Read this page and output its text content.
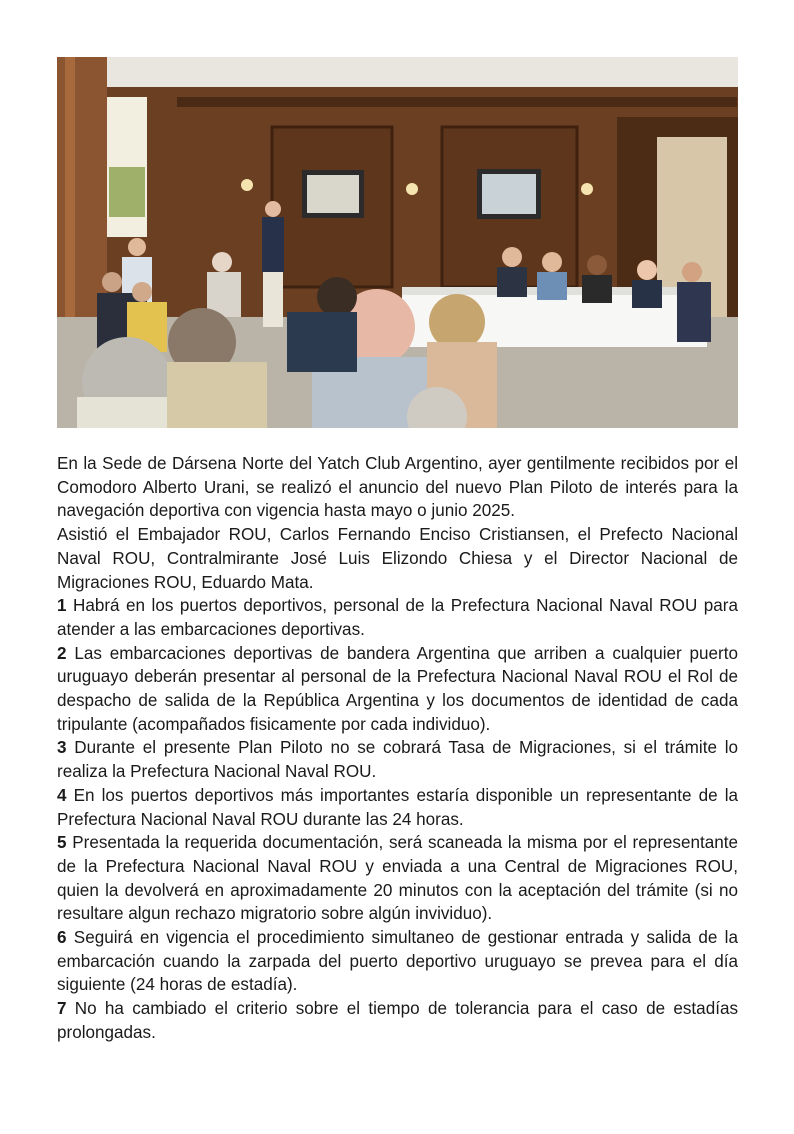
En la Sede de Dársena Norte del Yatch Club Argentino, ayer gentilmente recibidos por el Comodoro Alberto Urani, se realizó el anuncio del nuevo Plan Piloto de interés para la navegación deportiva con vigencia hasta mayo o junio 2025.

Asistió el Embajador ROU, Carlos Fernando Enciso Cristiansen, el Prefecto Nacional Naval ROU, Contralmirante José Luis Elizondo Chiesa y el Director Nacional de Migraciones ROU, Eduardo Mata.

1 Habrá en los puertos deportivos, personal de la Prefectura Nacional Naval ROU para atender a las embarcaciones deportivas.

2 Las embarcaciones deportivas de bandera Argentina que arriben a cualquier puerto uruguayo deberán presentar al personal de la Prefectura Nacional Naval ROU el Rol de despacho de salida de la República Argentina y los documentos de identidad de cada tripulante (acompañados fisicamente por cada individuo).

3 Durante el presente Plan Piloto no se cobrará Tasa de Migraciones, si el trámite lo realiza la Prefectura Nacional Naval ROU.

4 En los puertos deportivos más importantes estaría disponible un representante de la Prefectura Nacional Naval ROU durante las 24 horas.

5 Presentada la requerida documentación, será scaneada la misma por el representante de la Prefectura Nacional Naval ROU y enviada a una Central de Migraciones ROU, quien la devolverá en aproximadamente 20 minutos con la aceptación del trámite (si no resultare algun rechazo migratorio sobre algún invividuo).

6 Seguirá en vigencia el procedimiento simultaneo de gestionar entrada y salida de la embarcación cuando la zarpada del puerto deportivo uruguayo se prevea para el día siguiente (24 horas de estadía).

7 No ha cambiado el criterio sobre el tiempo de tolerancia para el caso de estadías prolongadas.
